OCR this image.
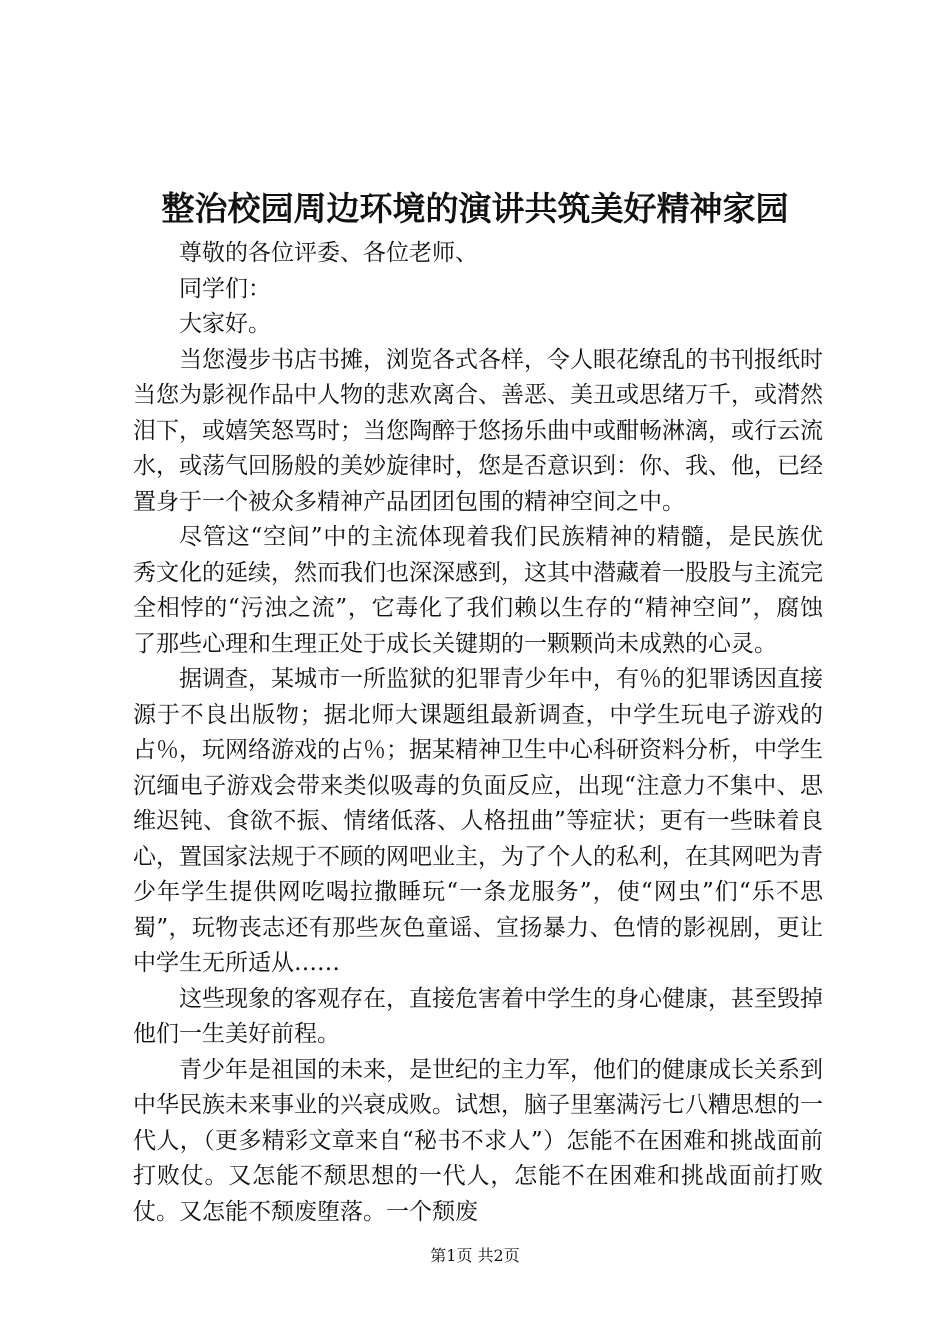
整治校园周边环境的演讲共筑美好精神家园

尊敬的各位评委、各位老师、

同学们：

大家好。

当您漫步书店书摊，浏览各式各样，令人眼花缭乱的书刊报纸时当您为影视作品中人物的悲欢离合、善恶、美丑或思绪万千，或潸然泪下，或嬉笑怒骂时；当您陶醉于悠扬乐曲中或酣畅淋漓，或行云流水，或荡气回肠般的美妙旋律时，您是否意识到：你、我、他，已经置身于一个被众多精神产品团团包围的精神空间之中。

尽管这“空间”中的主流体现着我们民族精神的精髓，是民族优秀文化的延续，然而我们也深深感到，这其中潜藏着一股股与主流完全相悖的“污浊之流”，它毒化了我们赖以生存的“精神空间”，腐蚀了那些心理和生理正处于成长关键期的一颗颗尚未成熟的心灵。

据调查，某城市一所监狱的犯罪青少年中，有％的犯罪诱因直接源于不良出版物；据北师大课题组最新调查，中学生玩电子游戏的占％，玩网络游戏的占％；据某精神卫生中心科研资料分析，中学生沉缅电子游戏会带来类似吸毒的负面反应，出现“注意力不集中、思维迟钝、食欲不振、情绪低落、人格扭曲”等症状；更有一些昧着良心，置国家法规于不顾的网吧业主，为了个人的私利，在其网吧为青少年学生提供网吃喝拉撒睡玩“一条龙服务”，使“网虫”们“乐不思蜀”，玩物丧志还有那些灰色童谣、宣扬暴力、色情的影视剧，更让中学生无所适从……

这些现象的客观存在，直接危害着中学生的身心健康，甚至毁掉他们一生美好前程。

青少年是祖国的未来，是世纪的主力军，他们的健康成长关系到中华民族未来事业的兴衰成败。试想，脑子里塞满污七八糟思想的一代人，（更多精彩文章来自“秘书不求人”）怎能不在困难和挑战面前打败仗。又怎能不颓思想的一代人，怎能不在困难和挑战面前打败仗。又怎能不颓废堕落。一个颓废

第1页 共2页
